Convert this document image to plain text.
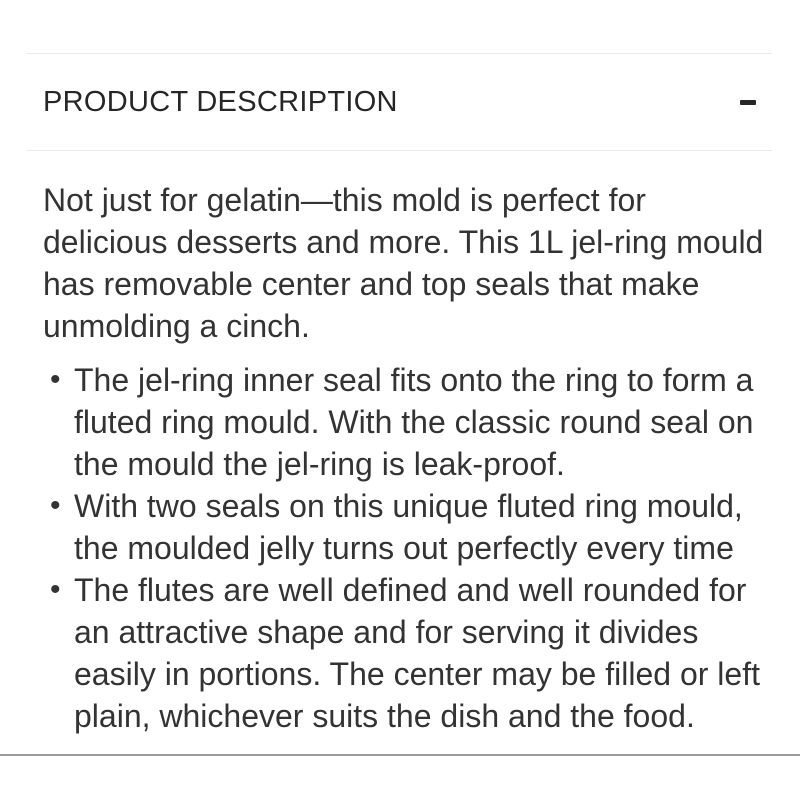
PRODUCT DESCRIPTION

Not just for gelatin—this mold is perfect for delicious desserts and more. This 1L jel-ring mould has removable center and top seals that make unmolding a cinch.

• The jel-ring inner seal fits onto the ring to form a fluted ring mould. With the classic round seal on the mould the jel-ring is leak-proof.
• With two seals on this unique fluted ring mould, the moulded jelly turns out perfectly every time
• The flutes are well defined and well rounded for an attractive shape and for serving it divides easily in portions. The center may be filled or left plain, whichever suits the dish and the food.
